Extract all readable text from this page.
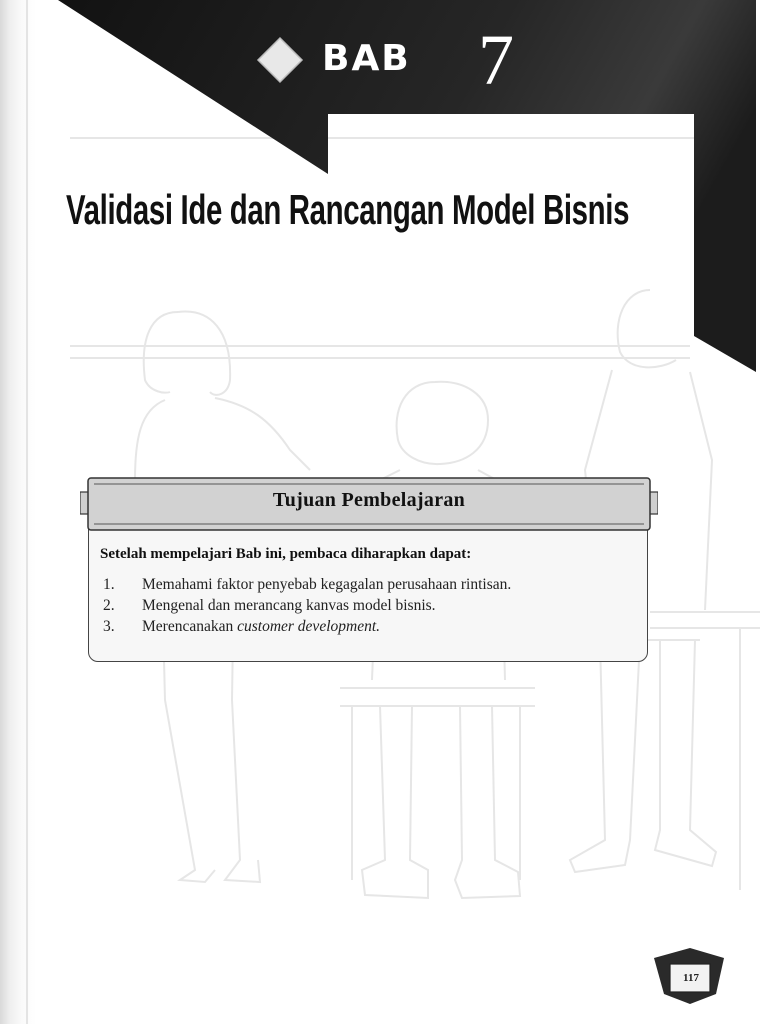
BAB 7
Validasi Ide dan Rancangan Model Bisnis
Tujuan Pembelajaran
Setelah mempelajari Bab ini, pembaca diharapkan dapat:
1. Memahami faktor penyebab kegagalan perusahaan rintisan.
2. Mengenal dan merancang kanvas model bisnis.
3. Merencanakan customer development.
117
